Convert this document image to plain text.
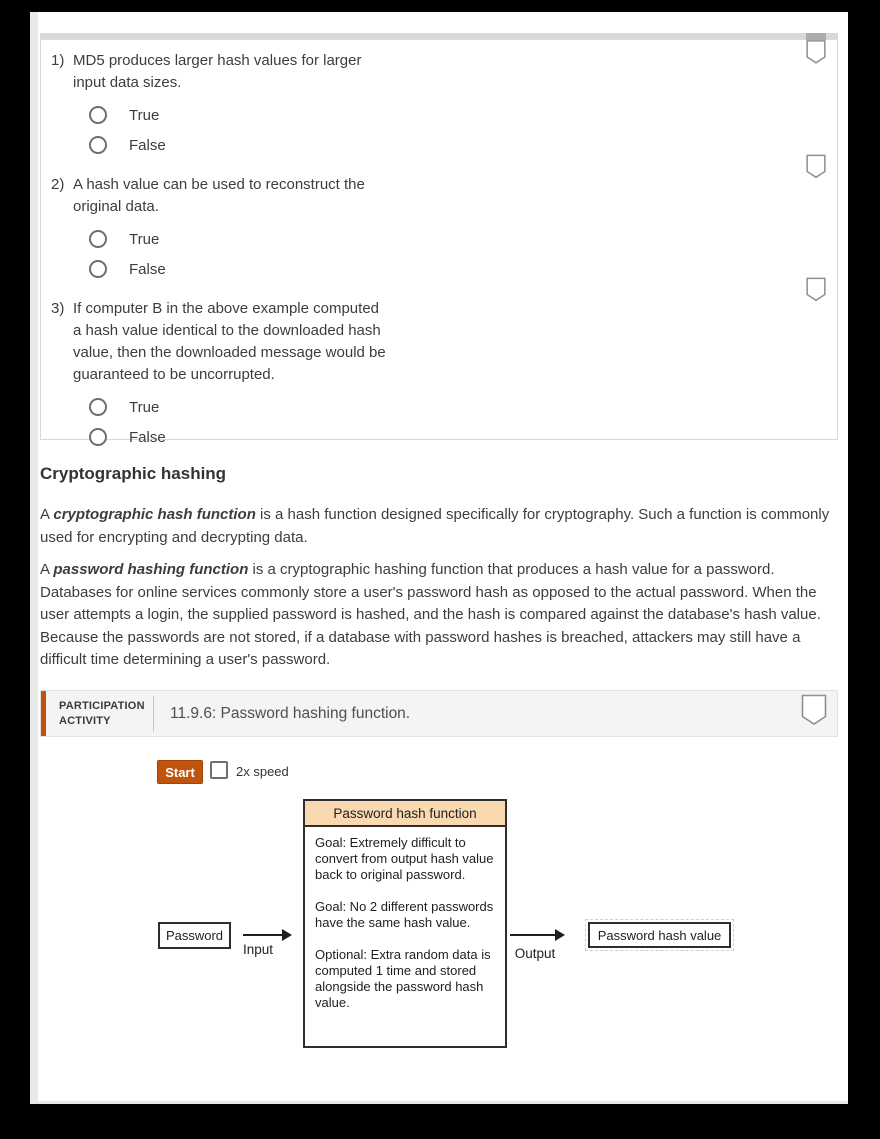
1) MD5 produces larger hash values for larger input data sizes.
True
False
2) A hash value can be used to reconstruct the original data.
True
False
3) If computer B in the above example computed a hash value identical to the downloaded hash value, then the downloaded message would be guaranteed to be uncorrupted.
True
False
Cryptographic hashing

A cryptographic hash function is a hash function designed specifically for cryptography. Such a function is commonly used for encrypting and decrypting data.

A password hashing function is a cryptographic hashing function that produces a hash value for a password. Databases for online services commonly store a user's password hash as opposed to the actual password. When the user attempts a login, the supplied password is hashed, and the hash is compared against the database's hash value. Because the passwords are not stored, if a database with password hashes is breached, attackers may still have a difficult time determining a user's password.

PARTICIPATION
ACTIVITY	11.9.6: Password hashing function.
Start	2x speed
Password
Input
Password hash function

Goal: Extremely difficult to convert from output hash value back to original password.

Goal: No 2 different passwords have the same hash value.

Optional: Extra random data is computed 1 time and stored alongside the password hash value.

Output
Password hash value
